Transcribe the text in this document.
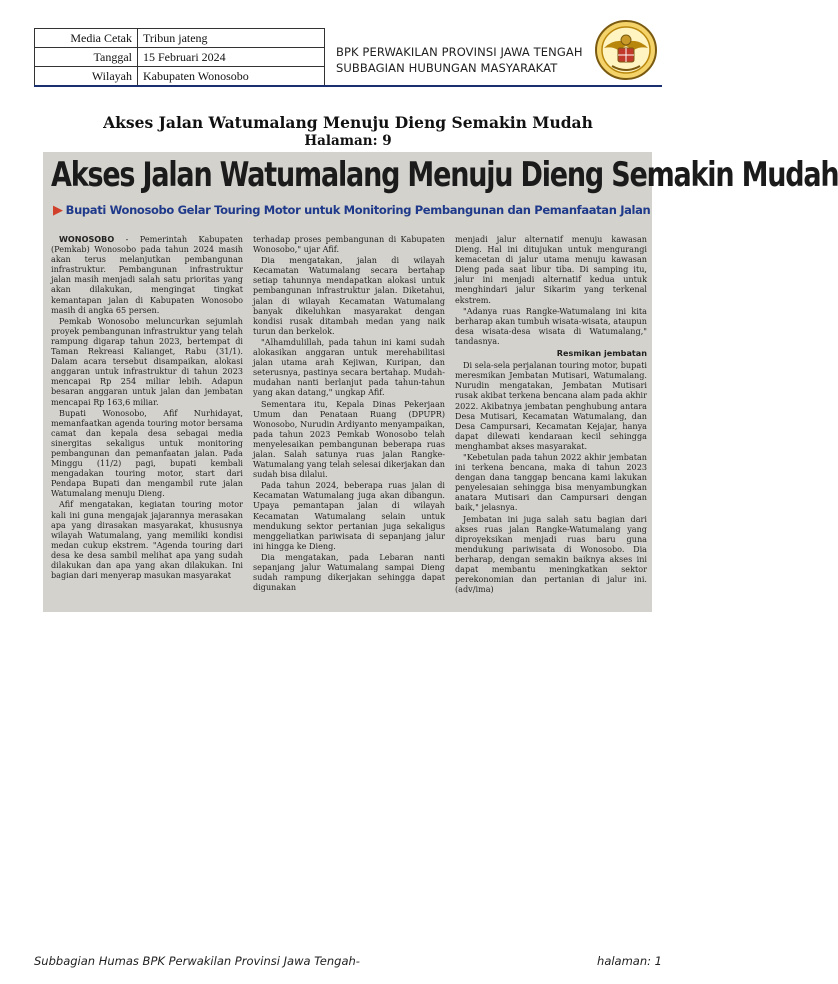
Media Cetak	Tribun jateng
Tanggal	15 Februari 2024
Wilayah	Kabupaten Wonosobo
BPK PERWAKILAN PROVINSI JAWA TENGAH
SUBBAGIAN HUBUNGAN MASYARAKAT
Akses Jalan Watumalang Menuju Dieng Semakin Mudah
Halaman: 9
Akses Jalan Watumalang Menuju Dieng Semakin Mudah
▶ Bupati Wonosobo Gelar Touring Motor untuk Monitoring Pembangunan dan Pemanfaatan Jalan

WONOSOBO - Pemerintah Kabupaten (Pemkab) Wonosobo pada tahun 2024 masih akan terus melanjutkan pembangunan infrastruktur. Pembangunan infrastruktur jalan masih menjadi salah satu prioritas yang akan dilakukan, mengingat tingkat kemantapan jalan di Kabupaten Wonosobo masih di angka 65 persen.

Pemkab Wonosobo meluncurkan sejumlah proyek pembangunan infrastruktur yang telah rampung digarap tahun 2023, bertempat di Taman Rekreasi Kalianget, Rabu (31/1). Dalam acara tersebut disampaikan, alokasi anggaran untuk infrastruktur di tahun 2023 mencapai Rp 254 miliar lebih. Adapun besaran anggaran untuk jalan dan jembatan mencapai Rp 163,6 miliar.

Bupati Wonosobo, Afif Nurhidayat, memanfaatkan agenda touring motor bersama camat dan kepala desa sebagai media sinergitas sekaligus untuk monitoring pembangunan dan pemanfaatan jalan. Pada Minggu (11/2) pagi, bupati kembali mengadakan touring motor, start dari Pendapa Bupati dan mengambil rute jalan Watumalang menuju Dieng.

Afif mengatakan, kegiatan touring motor kali ini guna mengajak jajarannya merasakan apa yang dirasakan masyarakat, khususnya wilayah Watumalang, yang memiliki kondisi medan cukup ekstrem. "Agenda touring dari desa ke desa sambil melihat apa yang sudah dilakukan dan apa yang akan dilakukan. Ini bagian dari menyerap masukan masyarakat

terhadap proses pembangunan di Kabupaten Wonosobo," ujar Afif.

Dia mengatakan, jalan di wilayah Kecamatan Watumalang secara bertahap setiap tahunnya mendapatkan alokasi untuk pembangunan infrastruktur jalan. Diketahui, jalan di wilayah Kecamatan Watumalang banyak dikeluhkan masyarakat dengan kondisi rusak ditambah medan yang naik turun dan berkelok.

"Alhamdulillah, pada tahun ini kami sudah alokasikan anggaran untuk merehabilitasi jalan utama arah Kejiwan, Kuripan, dan seterusnya, pastinya secara bertahap. Mudah-mudahan nanti berlanjut pada tahun-tahun yang akan datang," ungkap Afif.

Sementara itu, Kepala Dinas Pekerjaan Umum dan Penataan Ruang (DPUPR) Wonosobo, Nurudin Ardiyanto menyampaikan, pada tahun 2023 Pemkab Wonosobo telah menyelesaikan pembangunan beberapa ruas jalan. Salah satunya ruas jalan Rangke-Watumalang yang telah selesai dikerjakan dan sudah bisa dilalui.

Pada tahun 2024, beberapa ruas jalan di Kecamatan Watumalang juga akan dibangun. Upaya pemantapan jalan di wilayah Kecamatan Watumalang selain untuk mendukung sektor pertanian juga sekaligus menggeliatkan pariwisata di sepanjang jalur ini hingga ke Dieng.

Dia mengatakan, pada Lebaran nanti sepanjang jalur Watumalang sampai Dieng sudah rampung dikerjakan sehingga dapat digunakan

menjadi jalur alternatif menuju kawasan Dieng. Hal ini ditujukan untuk mengurangi kemacetan di jalur utama menuju kawasan Dieng pada saat libur tiba. Di samping itu, jalur ini menjadi alternatif kedua untuk menghindari jalur Sikarim yang terkenal ekstrem.

"Adanya ruas Rangke-Watumalang ini kita berharap akan tumbuh wisata-wisata, ataupun desa wisata-desa wisata di Watumalang," tandasnya.

Resmikan jembatan

Di sela-sela perjalanan touring motor, bupati meresmikan Jembatan Mutisari, Watumalang. Nurudin mengatakan, Jembatan Mutisari rusak akibat terkena bencana alam pada akhir 2022. Akibatnya jembatan penghubung antara Desa Mutisari, Kecamatan Watumalang, dan Desa Campursari, Kecamatan Kejajar, hanya dapat dilewati kendaraan kecil sehingga menghambat akses masyarakat.

"Kebetulan pada tahun 2022 akhir jembatan ini terkena bencana, maka di tahun 2023 dengan dana tanggap bencana kami lakukan penyelesaian sehingga bisa menyambungkan anatara Mutisari dan Campursari dengan baik," jelasnya.

Jembatan ini juga salah satu bagian dari akses ruas jalan Rangke-Watumalang yang diproyeksikan menjadi ruas baru guna mendukung pariwisata di Wonosobo. Dia berharap, dengan semakin baiknya akses ini dapat membantu meningkatkan sektor perekonomian dan pertanian di jalur ini. (adv/ima)

Subbagian Humas BPK Perwakilan Provinsi Jawa Tengah-	halaman: 1
